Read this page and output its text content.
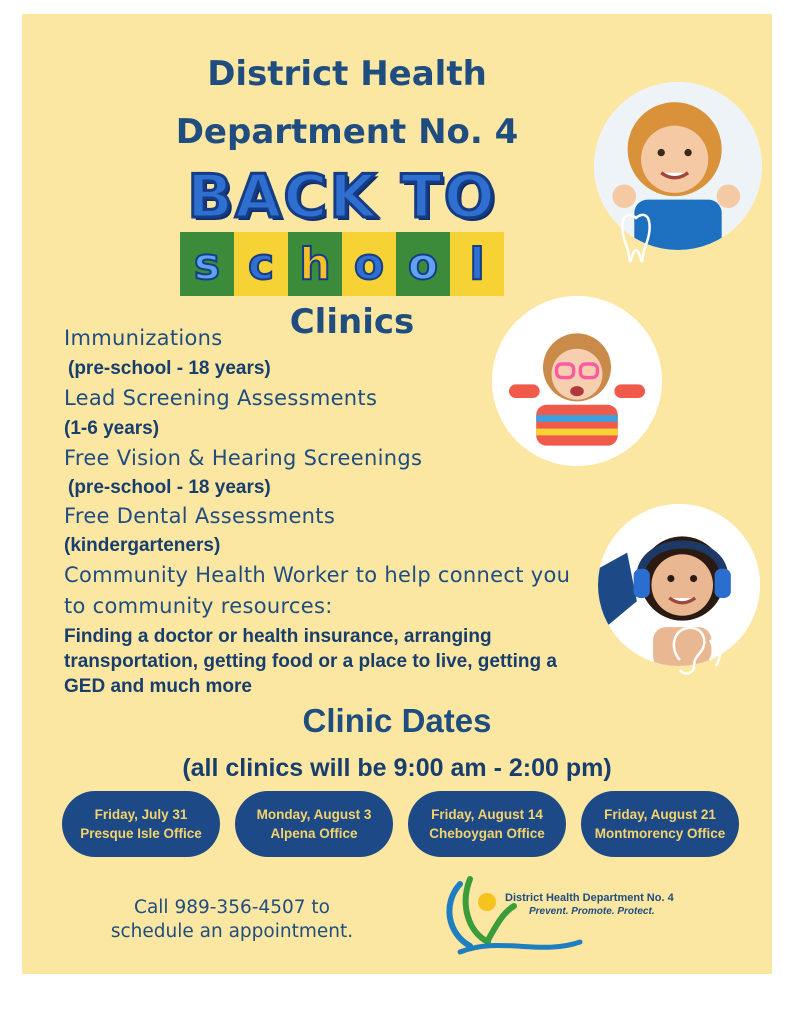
District Health
Department No. 4
BACK TO
s c h o o l
Clinics
Immunizations
(pre-school - 18 years)
Lead Screening Assessments
(1-6 years)
Free Vision & Hearing Screenings
(pre-school - 18 years)
Free Dental Assessments
(kindergarteners)
Community Health Worker to help connect you
to community resources:
Finding a doctor or health insurance, arranging transportation, getting food or a place to live, getting a GED and much more
Clinic Dates
(all clinics will be 9:00 am - 2:00 pm)
Friday, July 31
Presque Isle Office
Monday, August 3
Alpena Office
Friday, August 14
Cheboygan Office
Friday, August 21
Montmorency Office
Call 989-356-4507 to
schedule an appointment.
District Health Department No. 4
Prevent. Promote. Protect.
